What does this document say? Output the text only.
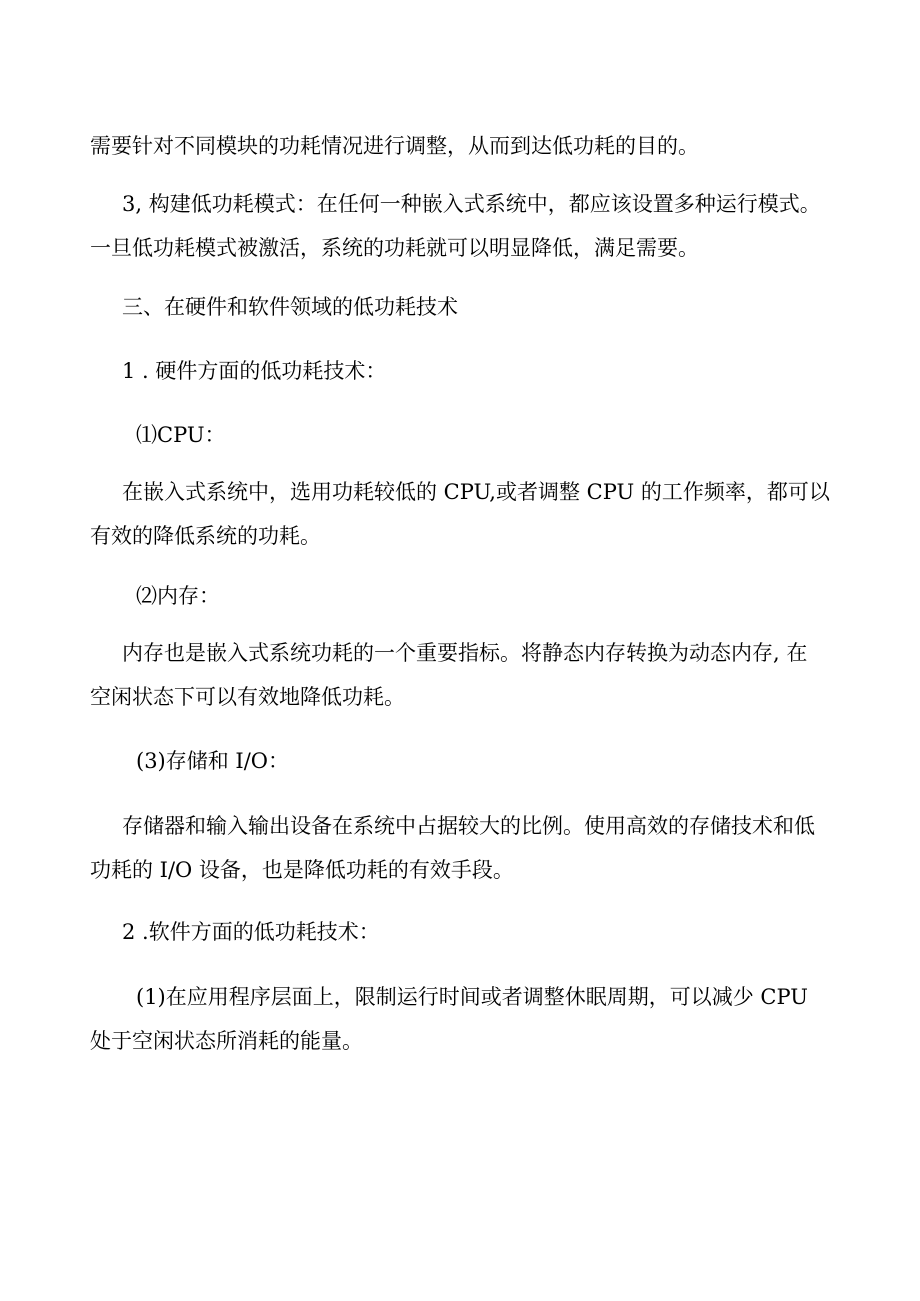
需要针对不同模块的功耗情况进行调整，从而到达低功耗的目的。
3, 构建低功耗模式：在任何一种嵌入式系统中，都应该设置多种运行模式。
一旦低功耗模式被激活，系统的功耗就可以明显降低，满足需要。
三、在硬件和软件领域的低功耗技术
1 . 硬件方面的低功耗技术：
⑴CPU：
在嵌入式系统中，选用功耗较低的 CPU,或者调整 CPU 的工作频率，都可以
有效的降低系统的功耗。
⑵内存：
内存也是嵌入式系统功耗的一个重要指标。将静态内存转换为动态内存, 在
空闲状态下可以有效地降低功耗。
(3)存储和 I/O：
存储器和输入输出设备在系统中占据较大的比例。使用高效的存储技术和低
功耗的 I/O 设备，也是降低功耗的有效手段。
2 .软件方面的低功耗技术：
(1)在应用程序层面上，限制运行时间或者调整休眠周期，可以减少 CPU
处于空闲状态所消耗的能量。
